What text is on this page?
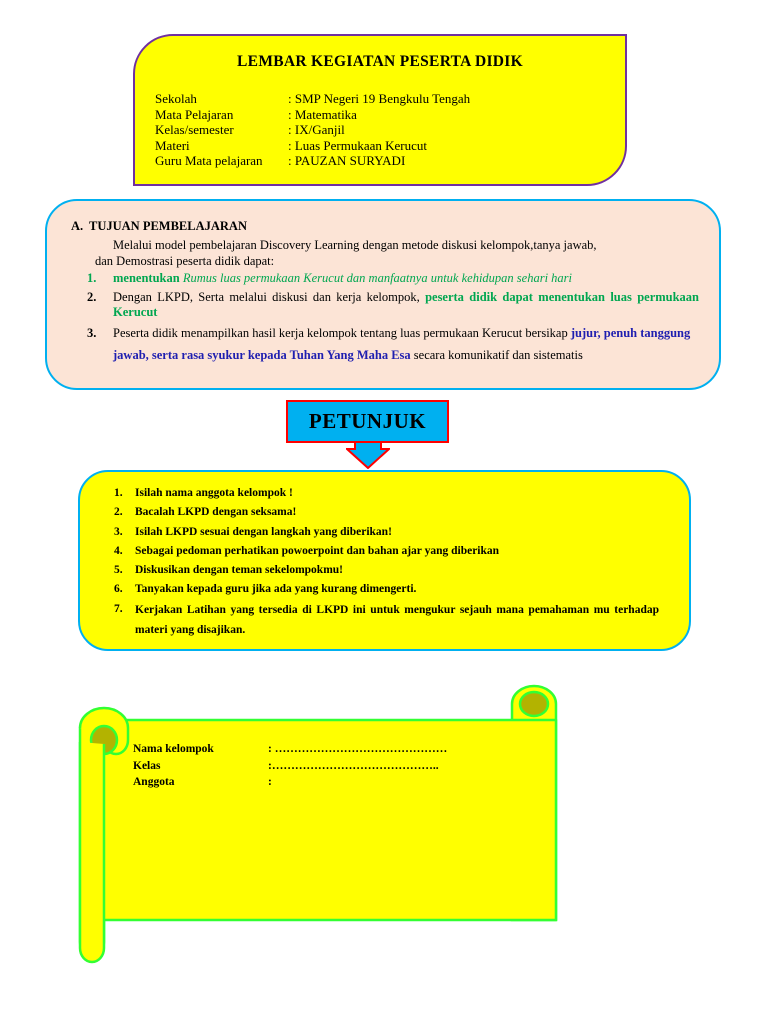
LEMBAR KEGIATAN PESERTA DIDIK
Sekolah	: SMP Negeri 19 Bengkulu Tengah
Mata Pelajaran	: Matematika
Kelas/semester	: IX/Ganjil
Materi	: Luas Permukaan Kerucut
Guru Mata pelajaran	: PAUZAN SURYADI
A. TUJUAN PEMBELAJARAN
Melalui model pembelajaran Discovery Learning dengan metode diskusi kelompok,tanya jawab,
dan Demostrasi peserta didik dapat:
1. menentukan Rumus luas permukaan Kerucut dan manfaatnya untuk kehidupan sehari hari
2. Dengan LKPD, Serta melalui diskusi dan kerja kelompok, peserta didik dapat menentukan luas permukaan Kerucut
3. Peserta didik menampilkan hasil kerja kelompok tentang luas permukaan Kerucut bersikap jujur, penuh tanggung jawab, serta rasa syukur kepada Tuhan Yang Maha Esa secara komunikatif dan sistematis
PETUNJUK
1.	Isilah nama anggota kelompok !
2.	Bacalah LKPD dengan seksama!
3.	Isilah LKPD sesuai dengan langkah yang diberikan!
4.	Sebagai pedoman perhatikan powoerpoint dan bahan ajar yang diberikan
5.	Diskusikan dengan teman sekelompokmu!
6.	Tanyakan kepada guru jika ada yang kurang dimengerti.
7.	Kerjakan Latihan yang tersedia di LKPD ini untuk mengukur sejauh mana pemahaman mu terhadap materi yang disajikan.
Nama kelompok	: ………………………………………
Kelas	:……………………………………..
Anggota	:
